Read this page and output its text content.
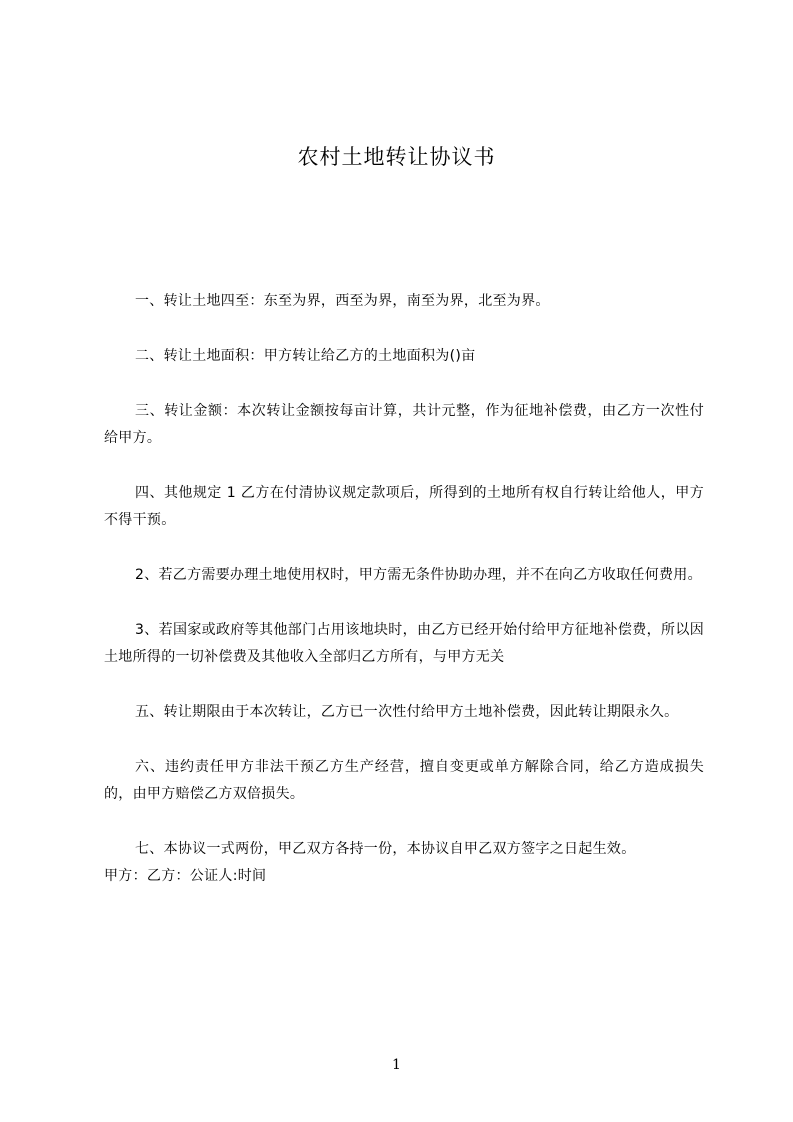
农村土地转让协议书

一、转让土地四至：东至为界，西至为界，南至为界，北至为界。

二、转让土地面积：甲方转让给乙方的土地面积为()亩

三、转让金额：本次转让金额按每亩计算，共计元整，作为征地补偿费，由乙方一次性付给甲方。

四、其他规定 1 乙方在付清协议规定款项后，所得到的土地所有权自行转让给他人，甲方不得干预。

2、若乙方需要办理土地使用权时，甲方需无条件协助办理，并不在向乙方收取任何费用。

3、若国家或政府等其他部门占用该地块时，由乙方已经开始付给甲方征地补偿费，所以因土地所得的一切补偿费及其他收入全部归乙方所有，与甲方无关

五、转让期限由于本次转让，乙方已一次性付给甲方土地补偿费，因此转让期限永久。

六、违约责任甲方非法干预乙方生产经营，擅自变更或单方解除合同，给乙方造成损失的，由甲方赔偿乙方双倍损失。

七、本协议一式两份，甲乙双方各持一份，本协议自甲乙双方签字之日起生效。

甲方：乙方：公证人:时间

1
